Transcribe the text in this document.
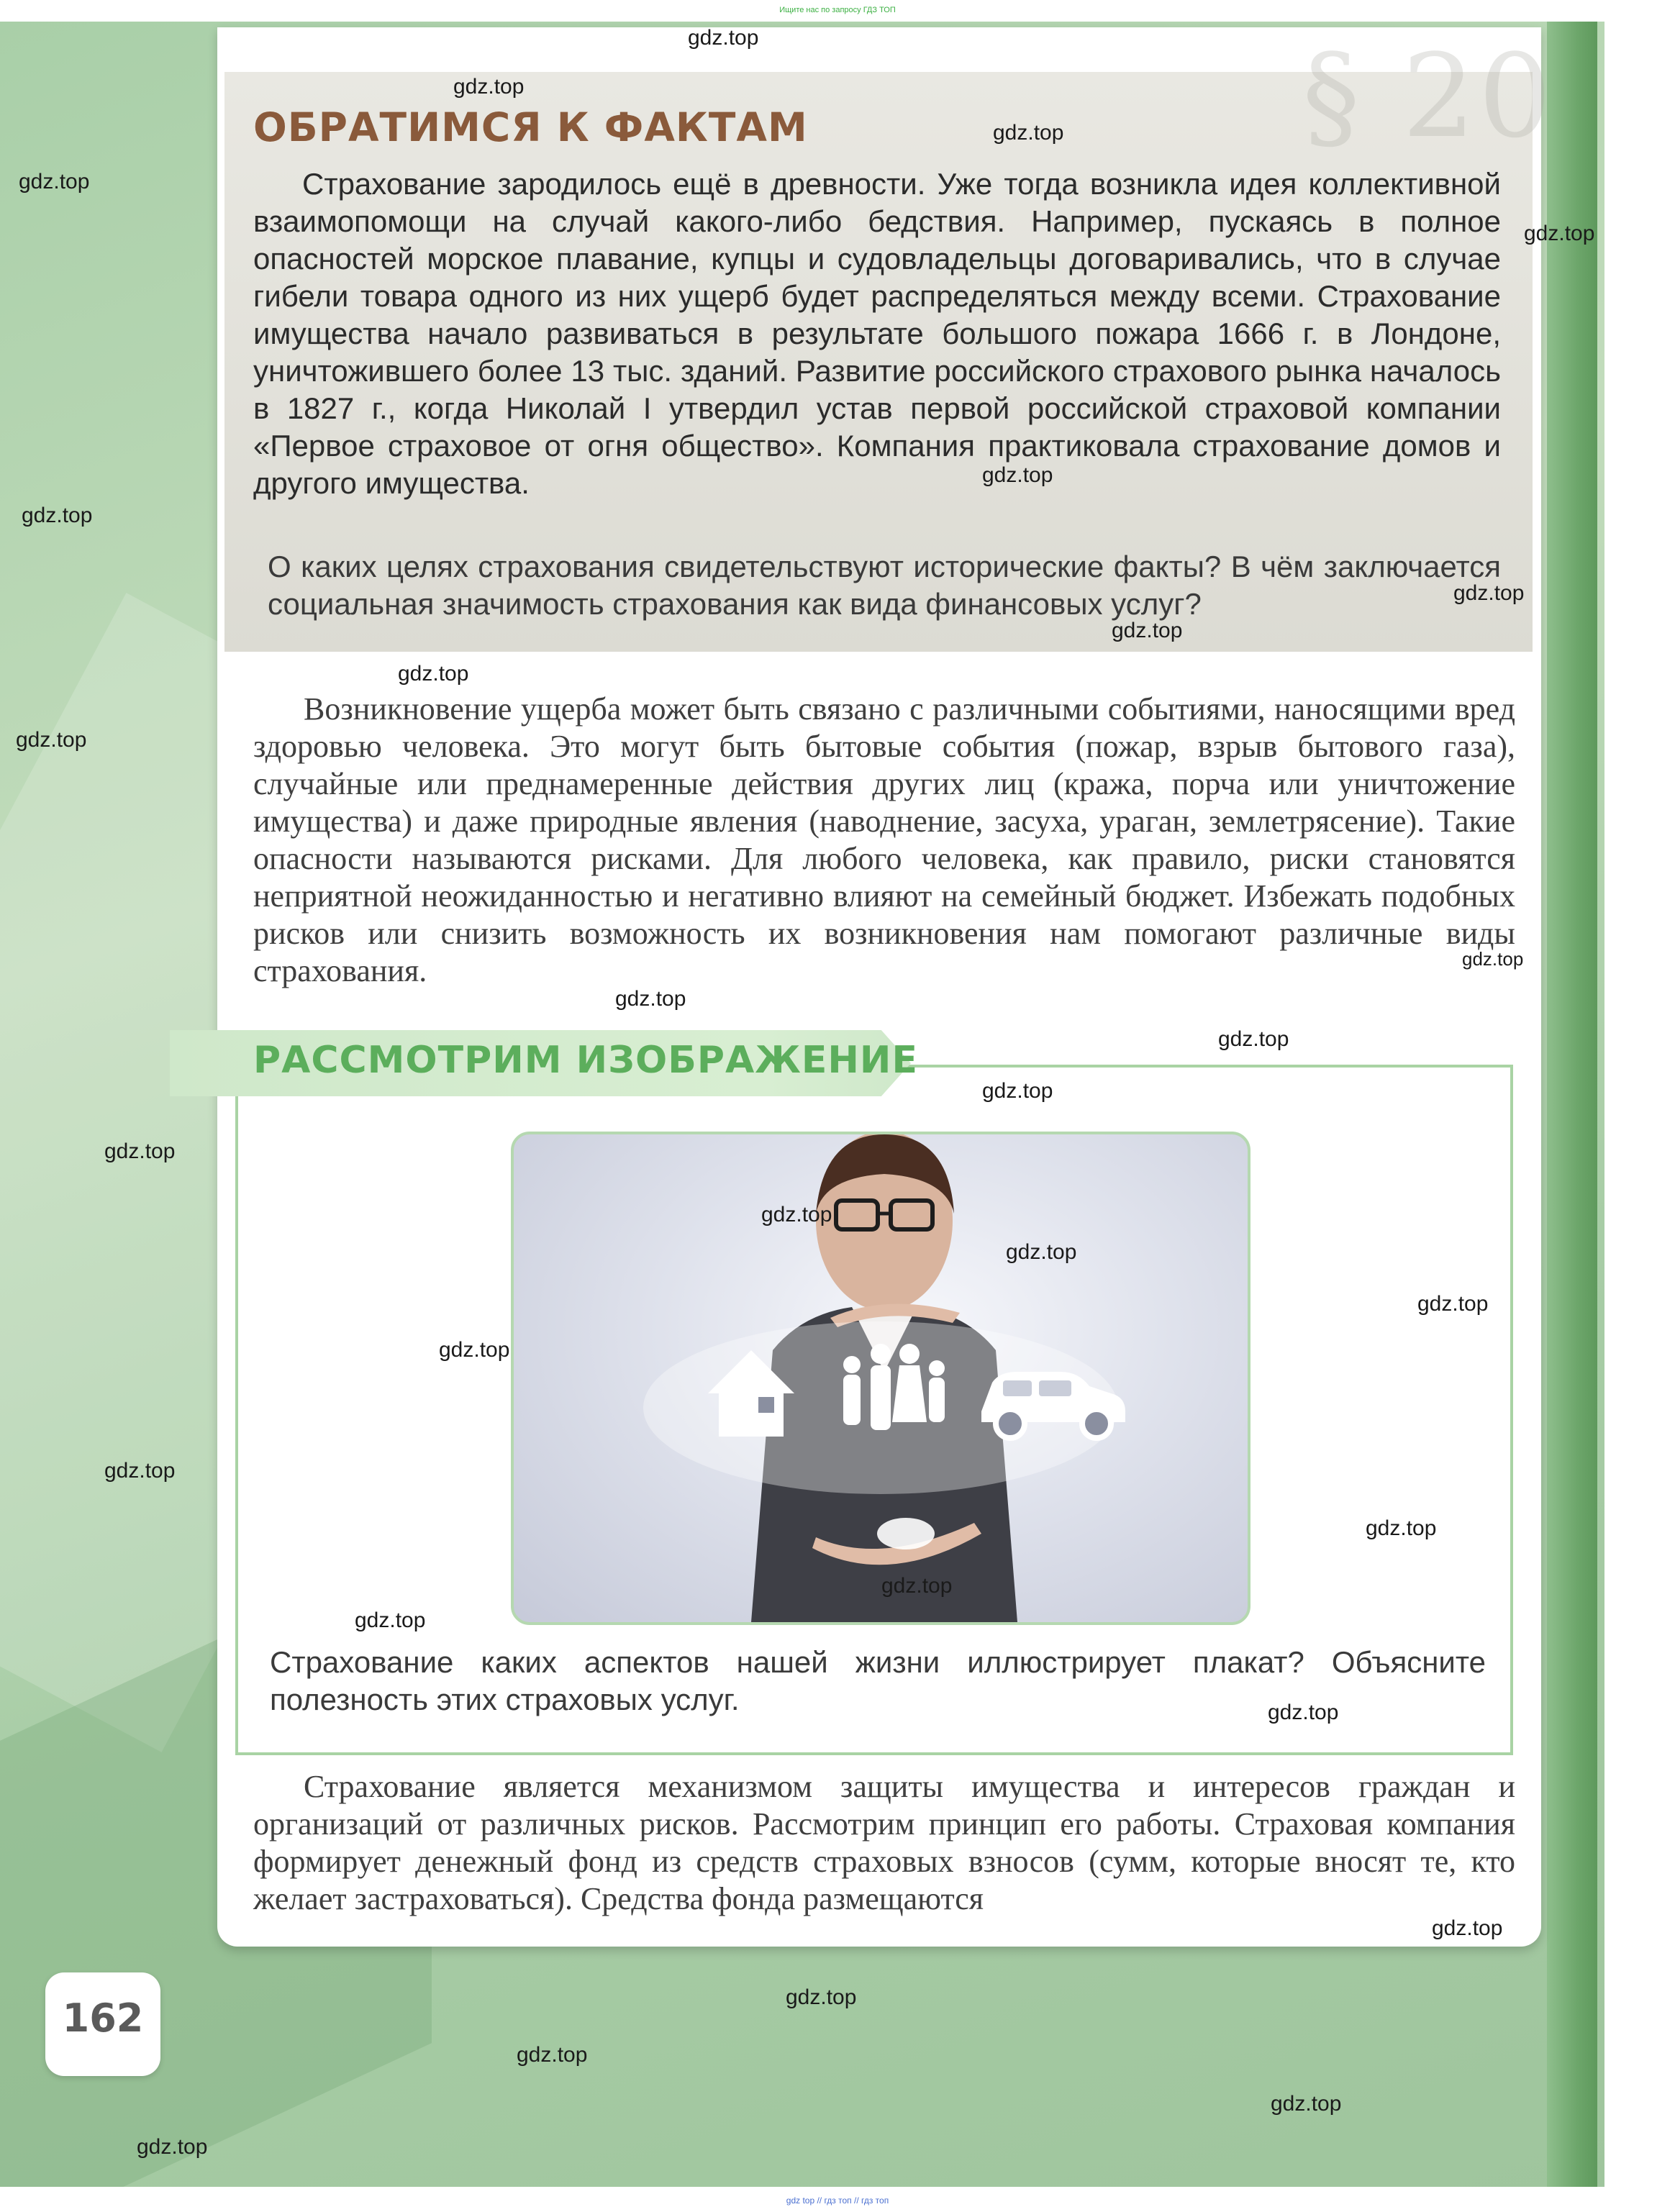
Ищите нас по запросу ГДЗ ТОП
§ 20
ОБРАТИМСЯ К ФАКТАМ

Страхование зародилось ещё в древности. Уже тогда возникла идея коллективной взаимопомощи на случай какого-либо бедствия. Например, пускаясь в полное опасностей морское плавание, купцы и судовладельцы договаривались, что в случае гибели товара одного из них ущерб будет распределяться между всеми. Страхование имущества начало развиваться в результате большого пожара 1666 г. в Лондоне, уничтожившего более 13 тыс. зданий. Развитие российского страхового рынка началось в 1827 г., когда Николай I утвердил устав первой российской страховой компании «Первое страховое от огня общество». Компания практиковала страхование домов и другого имущества.

О каких целях страхования свидетельствуют исторические факты? В чём заключается социальная значимость страхования как вида финансовых услуг?

Возникновение ущерба может быть связано с различными событиями, наносящими вред здоровью человека. Это могут быть бытовые события (пожар, взрыв бытового газа), случайные или преднамеренные действия других лиц (кража, порча или уничтожение имущества) и даже природные явления (наводнение, засуха, ураган, землетрясение). Такие опасности называются рисками. Для любого человека, как правило, риски становятся неприятной неожиданностью и негативно влияют на семейный бюджет. Избежать подобных рисков или снизить возможность их возникновения нам помогают различные виды страхования.

РАССМОТРИМ ИЗОБРАЖЕНИЕ

Страхование каких аспектов нашей жизни иллюстрирует плакат? Объясните полезность этих страховых услуг.

Страхование является механизмом защиты имущества и интересов граждан и организаций от различных рисков. Рассмотрим принцип его работы. Страховая компания формирует денежный фонд из средств страховых взносов (сумм, которые вносят те, кто желает застраховаться). Средства фонда размещаются

162
gdz.top
gdz.top
gdz.top
gdz.top
gdz.top
gdz.top
gdz.top
gdz.top
gdz.top
gdz.top
gdz.top
gdz.top
gdz.top
gdz.top
gdz.top
gdz.top
gdz.top
gdz.top
gdz.top
gdz.top
gdz.top
gdz.top
gdz.top
gdz.top
gdz.top
gdz.top
gdz.top
gdz.top
gdz.top
gdz.top
gdz top // гдз топ // гдз топ
